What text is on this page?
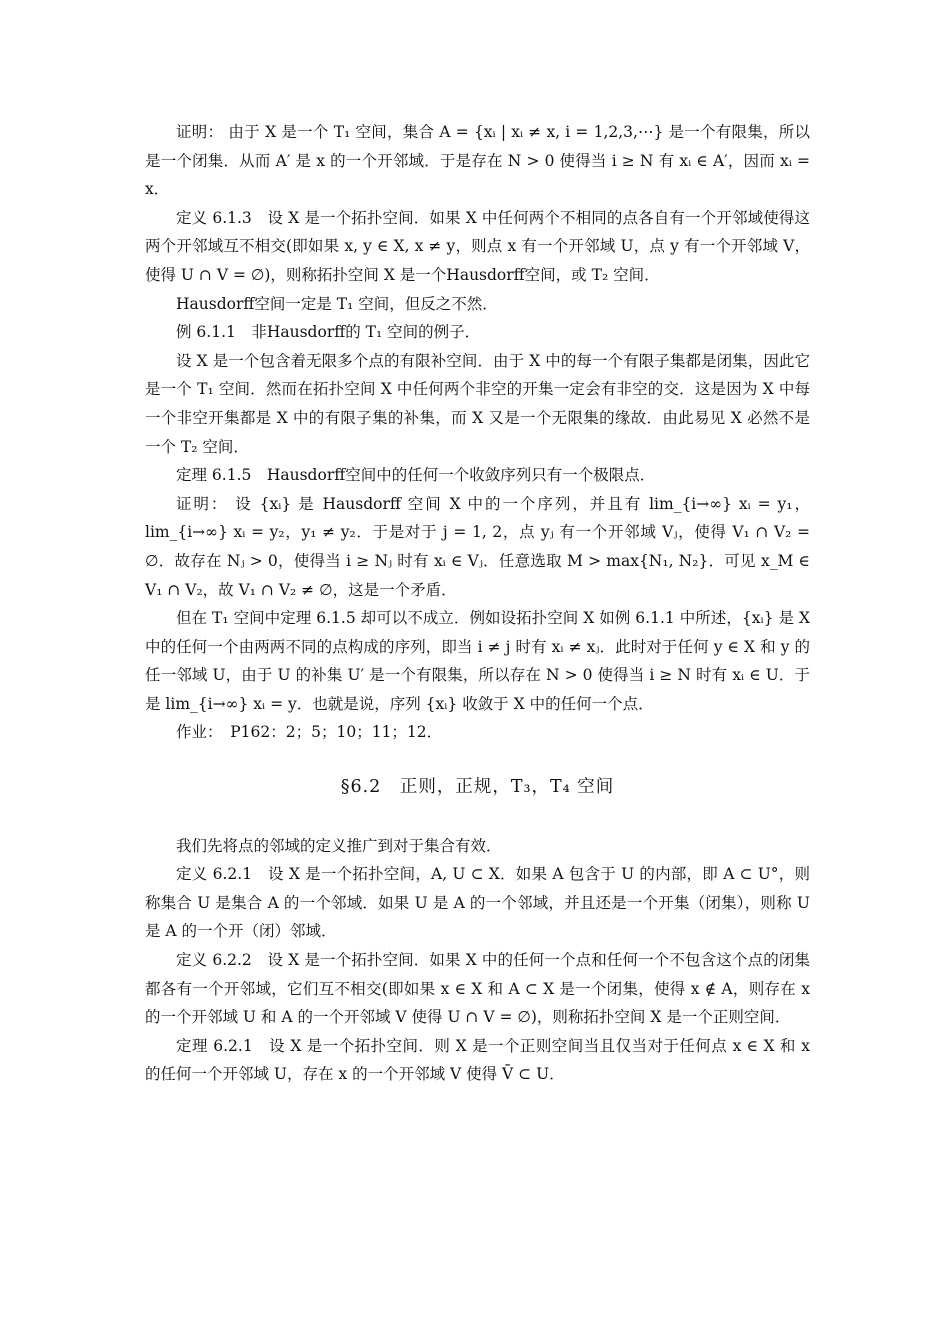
证明： 由于 X 是一个 T₁ 空间，集合 A = {xᵢ | xᵢ ≠ x, i = 1,2,3,⋯} 是一个有限集，所以是一个闭集．从而 A′ 是 x 的一个开邻域．于是存在 N > 0 使得当 i ≥ N 有 xᵢ ∈ A′，因而 xᵢ = x．

定义 6.1.3　设 X 是一个拓扑空间．如果 X 中任何两个不相同的点各自有一个开邻域使得这两个开邻域互不相交(即如果 x, y ∈ X, x ≠ y，则点 x 有一个开邻域 U，点 y 有一个开邻域 V，使得 U ∩ V = ∅)，则称拓扑空间 X 是一个Hausdorff空间，或 T₂ 空间．

Hausdorff空间一定是 T₁ 空间，但反之不然．

例 6.1.1　非Hausdorff的 T₁ 空间的例子．

设 X 是一个包含着无限多个点的有限补空间．由于 X 中的每一个有限子集都是闭集，因此它是一个 T₁ 空间．然而在拓扑空间 X 中任何两个非空的开集一定会有非空的交．这是因为 X 中每一个非空开集都是 X 中的有限子集的补集，而 X 又是一个无限集的缘故．由此易见 X 必然不是一个 T₂ 空间．

定理 6.1.5　Hausdorff空间中的任何一个收敛序列只有一个极限点．

证明： 设 {xᵢ} 是 Hausdorff 空间 X 中的一个序列，并且有 lim_{i→∞} xᵢ = y₁，lim_{i→∞} xᵢ = y₂，y₁ ≠ y₂．于是对于 j = 1, 2，点 yⱼ 有一个开邻域 Vⱼ，使得 V₁ ∩ V₂ = ∅．故存在 Nⱼ > 0，使得当 i ≥ Nⱼ 时有 xᵢ ∈ Vⱼ．任意选取 M > max{N₁, N₂}．可见 x_M ∈ V₁ ∩ V₂，故 V₁ ∩ V₂ ≠ ∅，这是一个矛盾．

但在 T₁ 空间中定理 6.1.5 却可以不成立．例如设拓扑空间 X 如例 6.1.1 中所述，{xᵢ} 是 X 中的任何一个由两两不同的点构成的序列，即当 i ≠ j 时有 xᵢ ≠ xⱼ．此时对于任何 y ∈ X 和 y 的任一邻域 U，由于 U 的补集 U′ 是一个有限集，所以存在 N > 0 使得当 i ≥ N 时有 xᵢ ∈ U．于是 lim_{i→∞} xᵢ = y．也就是说，序列 {xᵢ} 收敛于 X 中的任何一个点．

作业：　P162：2；5；10；11；12．

§6.2　正则，正规，T₃，T₄ 空间

我们先将点的邻域的定义推广到对于集合有效．

定义 6.2.1　设 X 是一个拓扑空间，A, U ⊂ X．如果 A 包含于 U 的内部，即 A ⊂ U°，则称集合 U 是集合 A 的一个邻域．如果 U 是 A 的一个邻域，并且还是一个开集（闭集），则称 U 是 A 的一个开（闭）邻域．

定义 6.2.2　设 X 是一个拓扑空间．如果 X 中的任何一个点和任何一个不包含这个点的闭集都各有一个开邻域，它们互不相交(即如果 x ∈ X 和 A ⊂ X 是一个闭集，使得 x ∉ A，则存在 x 的一个开邻域 U 和 A 的一个开邻域 V 使得 U ∩ V = ∅)，则称拓扑空间 X 是一个正则空间．

定理 6.2.1　设 X 是一个拓扑空间．则 X 是一个正则空间当且仅当对于任何点 x ∈ X 和 x 的任何一个开邻域 U，存在 x 的一个开邻域 V 使得 V̄ ⊂ U．
